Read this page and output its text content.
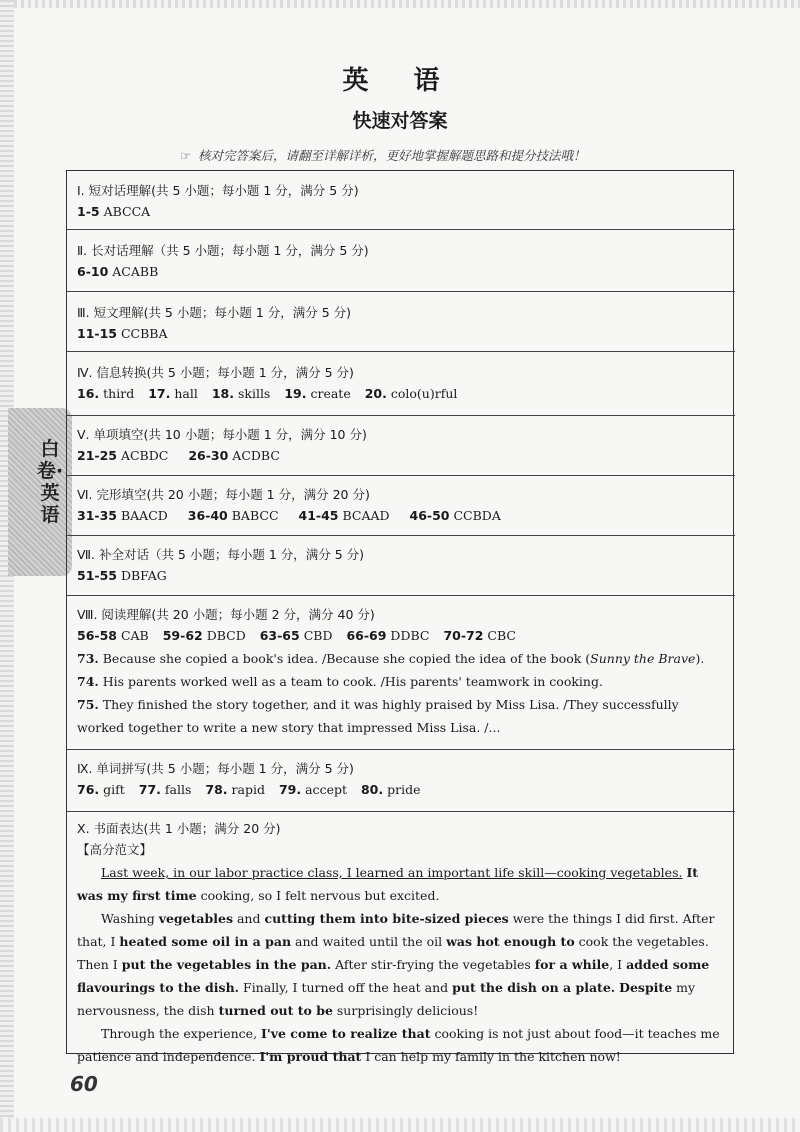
白卷·英语
英 语
快速对答案
☞ 核对完答案后，请翻至详解详析，更好地掌握解题思路和提分技法哦！
Ⅰ. 短对话理解(共 5 小题；每小题 1 分，满分 5 分)
1-5 ABCCA
Ⅱ. 长对话理解（共 5 小题；每小题 1 分，满分 5 分)
6-10 ACABB
Ⅲ. 短文理解(共 5 小题；每小题 1 分，满分 5 分)
11-15 CCBBA
Ⅳ. 信息转换(共 5 小题；每小题 1 分，满分 5 分)
16. third 17. hall 18. skills 19. create 20. colo(u)rful
Ⅴ. 单项填空(共 10 小题；每小题 1 分，满分 10 分)
21-25 ACBDC 26-30 ACDBC
Ⅵ. 完形填空(共 20 小题；每小题 1 分，满分 20 分)
31-35 BAACD 36-40 BABCC 41-45 BCAAD 46-50 CCBDA
Ⅶ. 补全对话（共 5 小题；每小题 1 分，满分 5 分)
51-55 DBFAG
Ⅷ. 阅读理解(共 20 小题；每小题 2 分，满分 40 分)
56-58 CAB 59-62 DBCD 63-65 CBD 66-69 DDBC 70-72 CBC
73. Because she copied a book's idea. /Because she copied the idea of the book (Sunny the Brave).
74. His parents worked well as a team to cook. /His parents' teamwork in cooking.
75. They finished the story together, and it was highly praised by Miss Lisa. /They successfully worked together to write a new story that impressed Miss Lisa. /...
Ⅸ. 单词拼写(共 5 小题；每小题 1 分，满分 5 分)
76. gift 77. falls 78. rapid 79. accept 80. pride
Ⅹ. 书面表达(共 1 小题；满分 20 分)
【高分范文】
Last week, in our labor practice class, I learned an important life skill—cooking vegetables. It was my first time cooking, so I felt nervous but excited.
Washing vegetables and cutting them into bite-sized pieces were the things I did first. After that, I heated some oil in a pan and waited until the oil was hot enough to cook the vegetables. Then I put the vegetables in the pan. After stir-frying the vegetables for a while, I added some flavourings to the dish. Finally, I turned off the heat and put the dish on a plate. Despite my nervousness, the dish turned out to be surprisingly delicious!
Through the experience, I've come to realize that cooking is not just about food—it teaches me patience and independence. I'm proud that I can help my family in the kitchen now!
60
